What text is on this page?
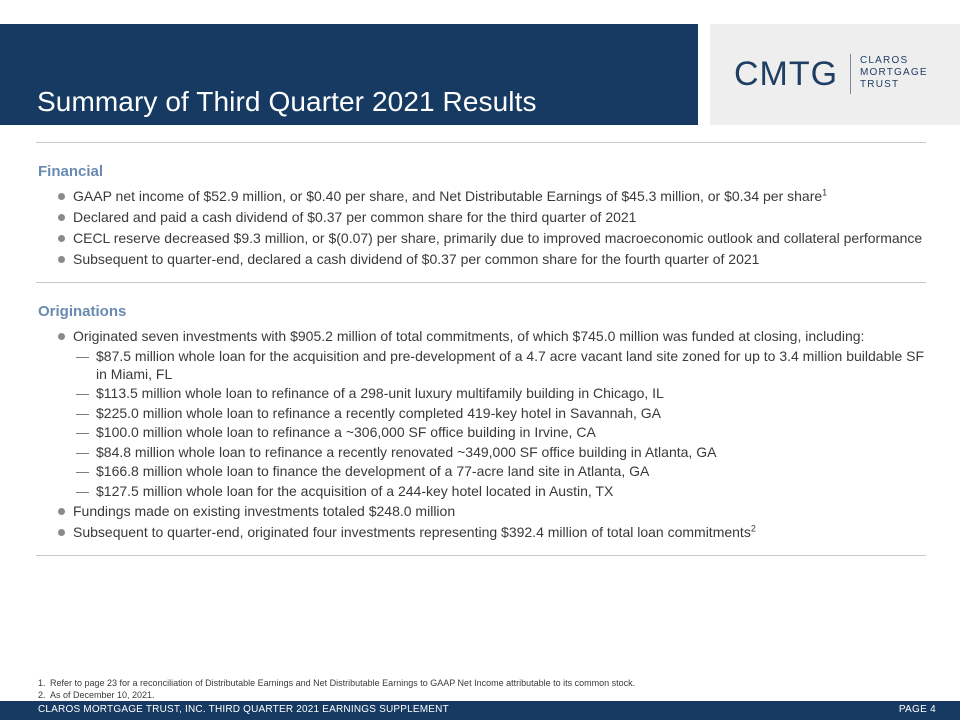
Summary of Third Quarter 2021 Results
CMTG CLAROS
MORTGAGE
TRUST
Financial
GAAP net income of $52.9 million, or $0.40 per share, and Net Distributable Earnings of $45.3 million, or $0.34 per share$^1$
Declared and paid a cash dividend of $0.37 per common share for the third quarter of 2021
CECL reserve decreased $9.3 million, or $(0.07) per share, primarily due to improved macroeconomic outlook and collateral performance
Subsequent to quarter-end, declared a cash dividend of $0.37 per common share for the fourth quarter of 2021
Originations
Originated seven investments with $905.2 million of total commitments, of which $745.0 million was funded at closing, including:
— $87.5 million whole loan for the acquisition and pre-development of a 4.7 acre vacant land site zoned for up to 3.4 million buildable SF in Miami, FL
— $113.5 million whole loan to refinance of a 298-unit luxury multifamily building in Chicago, IL
— $225.0 million whole loan to refinance a recently completed 419-key hotel in Savannah, GA
— $100.0 million whole loan to refinance a ~306,000 SF office building in Irvine, CA
— $84.8 million whole loan to refinance a recently renovated ~349,000 SF office building in Atlanta, GA
— $166.8 million whole loan to finance the development of a 77-acre land site in Atlanta, GA
— $127.5 million whole loan for the acquisition of a 244-key hotel located in Austin, TX
Fundings made on existing investments totaled $248.0 million
Subsequent to quarter-end, originated four investments representing $392.4 million of total loan commitments$^2$
1. Refer to page 23 for a reconciliation of Distributable Earnings and Net Distributable Earnings to GAAP Net Income attributable to its common stock.
2. As of December 10, 2021.
CLAROS MORTGAGE TRUST, INC. THIRD QUARTER 2021 EARNINGS SUPPLEMENT	PAGE 4
